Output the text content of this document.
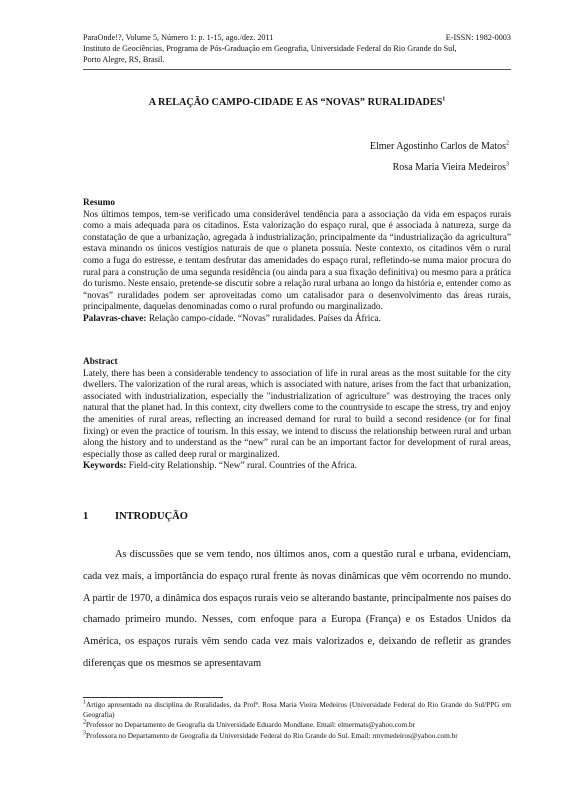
ParaOnde!?, Volume 5, Número 1: p. 1-15, ago./dez. 2011	E-ISSN: 1982-0003
Instituto de Geociências, Programa de Pós-Graduação em Geografia, Universidade Federal do Rio Grande do Sul,
Porto Alegre, RS, Brasil.
A RELAÇÃO CAMPO-CIDADE E AS “NOVAS” RURALIDADES$^1$
Elmer Agostinho Carlos de Matos$^2$
Rosa Maria Vieira Medeiros$^3$
Resumo
Nos últimos tempos, tem-se verificado uma considerável tendência para a associação da vida em espaços rurais como a mais adequada para os citadinos. Esta valorização do espaço rural, que é associada à natureza, surge da constatação de que a urbanização, agregada à industrialização, principalmente da “industrialização da agricultura” estava minando os únicos vestígios naturais de que o planeta possuía. Neste contexto, os citadinos vêm o rural como a fuga do estresse, e tentam desfrutar das amenidades do espaço rural, refletindo-se numa maior procura do rural para a construção de uma segunda residência (ou ainda para a sua fixação definitiva) ou mesmo para a prática do turismo. Neste ensaio, pretende-se discutir sobre a relação rural urbana ao longo da história e, entender como as “novas” ruralidades podem ser aproveitadas como um catalisador para o desenvolvimento das áreas rurais, principalmente, daquelas denominadas como o rural profundo ou marginalizado.
Palavras-chave: Relação campo-cidade. “Novas” ruralidades. Países da África.
Abstract
Lately, there has been a considerable tendency to association of life in rural areas as the most suitable for the city dwellers. The valorization of the rural areas, which is associated with nature, arises from the fact that urbanization, associated with industrialization, especially the "industrialization of agriculture" was destroying the traces only natural that the planet had. In this context, city dwellers come to the countryside to escape the stress, try and enjoy the amenities of rural areas, reflecting an increased demand for rural to build a second residence (or for final fixing) or even the practice of tourism. In this essay, we intend to discuss the relationship between rural and urban along the history and to understand as the “new” rural can be an important factor for development of rural areas, especially those as called deep rural or marginalized.
Keywords: Field-city Relationship. “New” rural. Countries of the Africa.
1	INTRODUÇÃO
As discussões que se vem tendo, nos últimos anos, com a questão rural e urbana, evidenciam, cada vez mais, a importância do espaço rural frente às novas dinâmicas que vêm ocorrendo no mundo. A partir de 1970, a dinâmica dos espaços rurais veio se alterando bastante, principalmente nos países do chamado primeiro mundo. Nesses, com enfoque para a Europa (França) e os Estados Unidos da América, os espaços rurais vêm sendo cada vez mais valorizados e, deixando de refletir as grandes diferenças que os mesmos se apresentavam
$^1$Artigo apresentado na disciplina de Ruralidades, da Profª. Rosa Maria Vieira Medeiros (Universidade Federal do Rio Grande do Sul/PPG em Geografia)
$^2$Professor no Departamento de Geografia da Universidade Eduardo Mondlane. Email: elmermats@yahoo.com.br
$^3$Professora no Departamento de Geografia da Universidade Federal do Rio Grande do Sul. Email: rmvmedeiros@yahoo.com.br
